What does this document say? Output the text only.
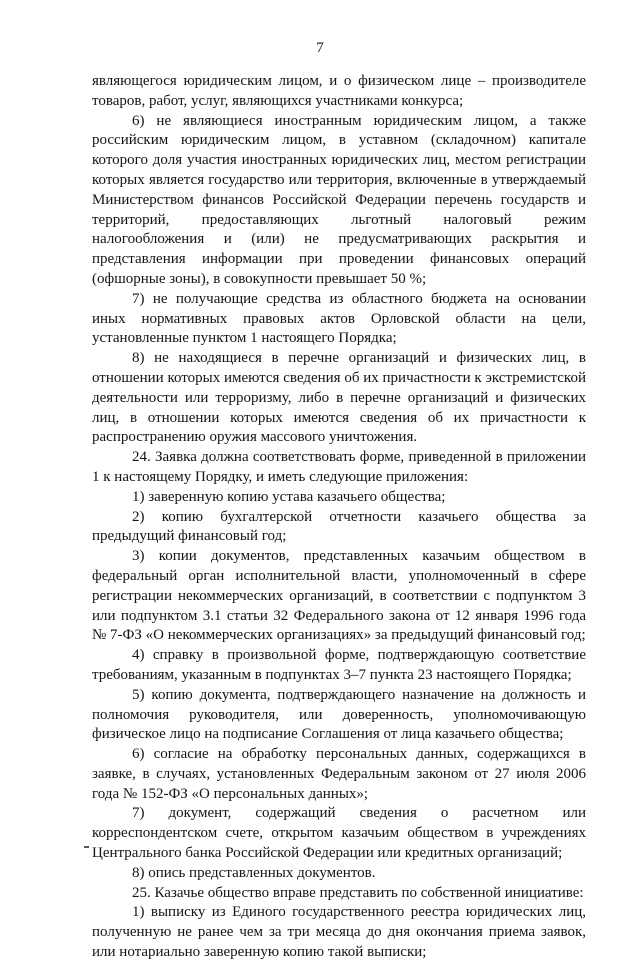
7

являющегося юридическим лицом, и о физическом лице – производителе товаров, работ, услуг, являющихся участниками конкурса;

6) не являющиеся иностранным юридическим лицом, а также российским юридическим лицом, в уставном (складочном) капитале которого доля участия иностранных юридических лиц, местом регистрации которых является государство или территория, включенные в утверждаемый Министерством финансов Российской Федерации перечень государств и территорий, предоставляющих льготный налоговый режим налогообложения и (или) не предусматривающих раскрытия и представления информации при проведении финансовых операций (офшорные зоны), в совокупности превышает 50 %;

7) не получающие средства из областного бюджета на основании иных нормативных правовых актов Орловской области на цели, установленные пунктом 1 настоящего Порядка;

8) не находящиеся в перечне организаций и физических лиц, в отношении которых имеются сведения об их причастности к экстремистской деятельности или терроризму, либо в перечне организаций и физических лиц, в отношении которых имеются сведения об их причастности к распространению оружия массового уничтожения.

24. Заявка должна соответствовать форме, приведенной в приложении 1 к настоящему Порядку, и иметь следующие приложения:

1) заверенную копию устава казачьего общества;

2) копию бухгалтерской отчетности казачьего общества за предыдущий финансовый год;

3) копии документов, представленных казачьим обществом в федеральный орган исполнительной власти, уполномоченный в сфере регистрации некоммерческих организаций, в соответствии с подпунктом 3 или подпунктом 3.1 статьи 32 Федерального закона от 12 января 1996 года № 7-ФЗ «О некоммерческих организациях» за предыдущий финансовый год;

4) справку в произвольной форме, подтверждающую соответствие требованиям, указанным в подпунктах 3–7 пункта 23 настоящего Порядка;

5) копию документа, подтверждающего назначение на должность и полномочия руководителя, или доверенность, уполномочивающую физическое лицо на подписание Соглашения от лица казачьего общества;

6) согласие на обработку персональных данных, содержащихся в заявке, в случаях, установленных Федеральным законом от 27 июля 2006 года № 152-ФЗ «О персональных данных»;

7) документ, содержащий сведения о расчетном или корреспондентском счете, открытом казачьим обществом в учреждениях Центрального банка Российской Федерации или кредитных организаций;

8) опись представленных документов.

25. Казачье общество вправе представить по собственной инициативе:

1) выписку из Единого государственного реестра юридических лиц, полученную не ранее чем за три месяца до дня окончания приема заявок, или нотариально заверенную копию такой выписки;
